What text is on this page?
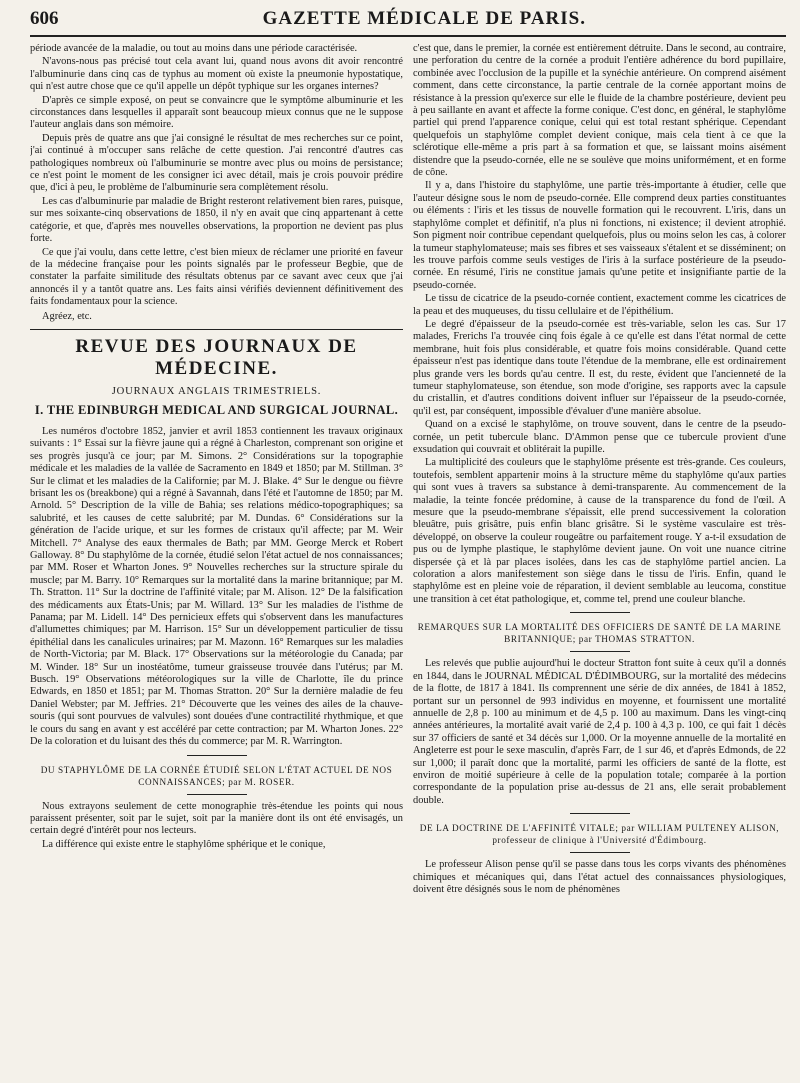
606	GAZETTE MÉDICALE DE PARIS.

période avancée de la maladie, ou tout au moins dans une période caractérisée.

N'avons-nous pas précisé tout cela avant lui, quand nous avons dit avoir rencontré l'albuminurie dans cinq cas de typhus au moment où existe la pneumonie hypostatique, qui n'est autre chose que ce qu'il appelle un dépôt typhique sur les organes internes?

D'après ce simple exposé, on peut se convaincre que le symptôme albuminurie et les circonstances dans lesquelles il apparaît sont beaucoup mieux connus que ne le suppose l'auteur anglais dans son mémoire.

Depuis près de quatre ans que j'ai consigné le résultat de mes recherches sur ce point, j'ai continué à m'occuper sans relâche de cette question. J'ai rencontré d'autres cas pathologiques nombreux où l'albuminurie se montre avec plus ou moins de persistance; ce n'est point le moment de les consigner ici avec détail, mais je crois pouvoir prédire que, d'ici à peu, le problème de l'albuminurie sera complètement résolu.

Les cas d'albuminurie par maladie de Bright resteront relativement bien rares, puisque, sur mes soixante-cinq observations de 1850, il n'y en avait que cinq appartenant à cette catégorie, et que, d'après mes nouvelles observations, la proportion ne devient pas plus forte.

Ce que j'ai voulu, dans cette lettre, c'est bien mieux de réclamer une priorité en faveur de la médecine française pour les points signalés par le professeur Begbie, que de constater la parfaite similitude des résultats obtenus par ce savant avec ceux que j'ai annoncés il y a tantôt quatre ans. Les faits ainsi vérifiés deviennent définitivement des faits fondamentaux pour la science.

Agréez, etc.
REVUE DES JOURNAUX DE MÉDECINE.
JOURNAUX ANGLAIS TRIMESTRIELS.
I. THE EDINBURGH MEDICAL AND SURGICAL JOURNAL.

Les numéros d'octobre 1852, janvier et avril 1853 contiennent les travaux originaux suivants : 1° Essai sur la fièvre jaune qui a régné à Charleston, comprenant son origine et ses progrès jusqu'à ce jour; par M. Simons. 2° Considérations sur la topographie médicale et les maladies de la vallée de Sacramento en 1849 et 1850; par M. Stillman. 3° Sur le climat et les maladies de la Californie; par M. J. Blake. 4° Sur le dengue ou fièvre brisant les os (breakbone) qui a régné à Savannah, dans l'été et l'automne de 1850; par M. Arnold. 5° Description de la ville de Bahia; ses relations médico-topographiques; sa salubrité, et les causes de cette salubrité; par M. Dundas. 6° Considérations sur la génération de l'acide urique, et sur les formes de cristaux qu'il affecte; par M. Weir Mitchell. 7° Analyse des eaux thermales de Bath; par MM. George Merck et Robert Galloway. 8° Du staphylôme de la cornée, étudié selon l'état actuel de nos connaissances; par MM. Roser et Wharton Jones. 9° Nouvelles recherches sur la structure spirale du muscle; par M. Barry. 10° Remarques sur la mortalité dans la marine britannique; par M. Th. Stratton. 11° Sur la doctrine de l'affinité vitale; par M. Alison. 12° De la falsification des médicaments aux États-Unis; par M. Willard. 13° Sur les maladies de l'isthme de Panama; par M. Lidell. 14° Des pernicieux effets qui s'observent dans les manufactures d'allumettes chimiques; par M. Harrison. 15° Sur un développement particulier de tissu épithélial dans les canalicules urinaires; par M. Mazonn. 16° Remarques sur les maladies de North-Victoria; par M. Black. 17° Observations sur la météorologie du Canada; par M. Winder. 18° Sur un inostéatôme, tumeur graisseuse trouvée dans l'utérus; par M. Busch. 19° Observations météorologiques sur la ville de Charlotte, île du prince Edwards, en 1850 et 1851; par M. Thomas Stratton. 20° Sur la dernière maladie de feu Daniel Webster; par M. Jeffries. 21° Découverte que les veines des ailes de la chauve-souris (qui sont pourvues de valvules) sont douées d'une contractilité rhythmique, et que le cours du sang en avant y est accéléré par cette contraction; par M. Wharton Jones. 22° De la coloration et du luisant des thés du commerce; par M. R. Warrington.

DU STAPHYLÔME DE LA CORNÉE ÉTUDIÉ SELON L'ÉTAT ACTUEL DE NOS CONNAISSANCES; par M. ROSER.

Nous extrayons seulement de cette monographie très-étendue les points qui nous paraissent présenter, soit par le sujet, soit par la manière dont ils ont été envisagés, un certain degré d'intérêt pour nos lecteurs.

La différence qui existe entre le staphylôme sphérique et le conique,

c'est que, dans le premier, la cornée est entièrement détruite. Dans le second, au contraire, une perforation du centre de la cornée a produit l'entière adhérence du bord pupillaire, combinée avec l'occlusion de la pupille et la synéchie antérieure. On comprend aisément comment, dans cette circonstance, la partie centrale de la cornée apportant moins de résistance à la pression qu'exerce sur elle le fluide de la chambre postérieure, devient peu à peu saillante en avant et affecte la forme conique. C'est donc, en général, le staphylôme partiel qui prend l'apparence conique, celui qui est total restant sphérique. Cependant quelquefois un staphylôme complet devient conique, mais cela tient à ce que la sclérotique elle-même a pris part à sa formation et que, se laissant moins aisément distendre que la pseudo-cornée, elle ne se soulève que moins uniformément, et en forme de cône.

Il y a, dans l'histoire du staphylôme, une partie très-importante à étudier, celle que l'auteur désigne sous le nom de pseudo-cornée. Elle comprend deux parties constituantes ou éléments : l'iris et les tissus de nouvelle formation qui le recouvrent. L'iris, dans un staphylôme complet et définitif, n'a plus ni fonctions, ni existence; il devient atrophié. Son pigment noir contribue cependant quelquefois, plus ou moins selon les cas, à colorer la tumeur staphylomateuse; mais ses fibres et ses vaisseaux s'étalent et se disséminent; on les trouve parfois comme seuls vestiges de l'iris à la surface postérieure de la pseudo-cornée. En résumé, l'iris ne constitue jamais qu'une petite et insignifiante partie de la pseudo-cornée.

Le tissu de cicatrice de la pseudo-cornée contient, exactement comme les cicatrices de la peau et des muqueuses, du tissu cellulaire et de l'épithélium.

Le degré d'épaisseur de la pseudo-cornée est très-variable, selon les cas. Sur 17 malades, Frerichs l'a trouvée cinq fois égale à ce qu'elle est dans l'état normal de cette membrane, huit fois plus considérable, et quatre fois moins considérable. Quand cette épaisseur n'est pas identique dans toute l'étendue de la membrane, elle est ordinairement plus grande vers les bords qu'au centre. Il est, du reste, évident que l'ancienneté de la tumeur staphylomateuse, son étendue, son mode d'origine, ses rapports avec la capsule du cristallin, et d'autres conditions doivent influer sur l'épaisseur de la pseudo-cornée, qu'il est, par conséquent, impossible d'évaluer d'une manière absolue.

Quand on a excisé le staphylôme, on trouve souvent, dans le centre de la pseudo-cornée, un petit tubercule blanc. D'Ammon pense que ce tubercule provient d'une exsudation qui couvrait et oblitérait la pupille.

La multiplicité des couleurs que le staphylôme présente est très-grande. Ces couleurs, toutefois, semblent appartenir moins à la structure même du staphylôme qu'aux parties qui sont vues à travers sa substance à demi-transparente. Au commencement de la maladie, la teinte foncée prédomine, à cause de la transparence du fond de l'œil. A mesure que la pseudo-membrane s'épaissit, elle prend successivement la coloration bleuâtre, puis grisâtre, puis enfin blanc grisâtre. Si le système vasculaire est très-développé, on observe la couleur rougeâtre ou parfaitement rouge. Y a-t-il exsudation de pus ou de lymphe plastique, le staphylôme devient jaune. On voit une nuance citrine dispersée çà et là par places isolées, dans les cas de staphylôme partiel ancien. La coloration a alors manifestement son siège dans le tissu de l'iris. Enfin, quand le staphylôme est en pleine voie de réparation, il devient semblable au leucoma, constitue une transition à cet état pathologique, et, comme tel, prend une couleur blanche.

REMARQUES SUR LA MORTALITÉ DES OFFICIERS DE SANTÉ DE LA MARINE BRITANNIQUE; par THOMAS STRATTON.

Les relevés que publie aujourd'hui le docteur Stratton font suite à ceux qu'il a donnés en 1844, dans le JOURNAL MÉDICAL D'ÉDIMBOURG, sur la mortalité des médecins de la flotte, de 1817 à 1841. Ils comprennent une série de dix années, de 1841 à 1852, portant sur un personnel de 993 individus en moyenne, et fournissent une mortalité annuelle de 2,8 p. 100 au minimum et de 4,5 p. 100 au maximum. Dans les vingt-cinq années antérieures, la mortalité avait varié de 2,4 p. 100 à 4,3 p. 100, ce qui fait 1 décès sur 37 officiers de santé et 34 décès sur 1,000. Or la moyenne annuelle de la mortalité en Angleterre est pour le sexe masculin, d'après Farr, de 1 sur 46, et d'après Edmonds, de 22 sur 1,000; il paraît donc que la mortalité, parmi les officiers de santé de la flotte, est environ de moitié supérieure à celle de la population totale; comparée à la portion correspondante de la population prise au-dessus de 21 ans, elle serait probablement double.

DE LA DOCTRINE DE L'AFFINITÉ VITALE; par WILLIAM PULTENEY ALISON, professeur de clinique à l'Université d'Édimbourg.

Le professeur Alison pense qu'il se passe dans tous les corps vivants des phénomènes chimiques et mécaniques qui, dans l'état actuel des connaissances physiologiques, doivent être désignés sous le nom de phénomènes
